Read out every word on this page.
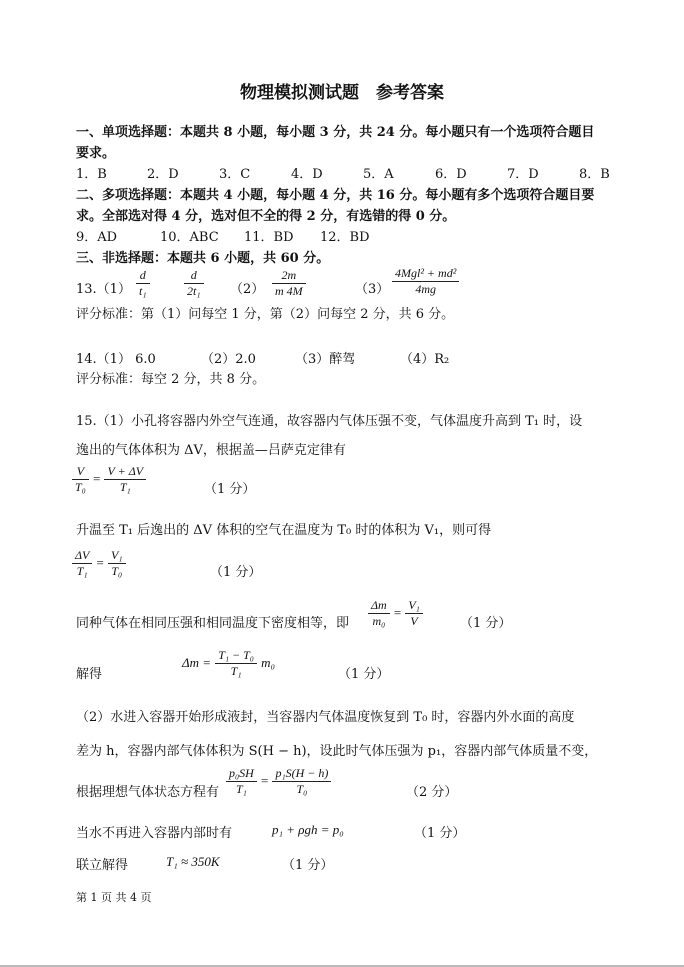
物理模拟测试题　参考答案
一、单项选择题：本题共 8 小题，每小题 3 分，共 24 分。每小题只有一个选项符合题目
要求。
1．B	2．D	3．C	4．D	5．A	6．D	7．D	8．B
二、多项选择题：本题共 4 小题，每小题 4 分，共 16 分。每小题有多个选项符合题目要
求。全部选对得 4 分，选对但不全的得 2 分，有选错的得 0 分。
9．AD	10．ABC 11．BD 12．BD
三、非选择题：本题共 6 小题，共 60 分。
$13.(1) \frac{d}{\text{t₁}}$	$\frac{d}{\text{2t₁}} (2) \frac{2m}{m 4M}$	（3）
4Mgl² + md²
4mg
评分标准：第（1）问每空 1 分，第（2）问每空 2 分，共 6 分。
14.（1） 6.0	（2）2.0	（3）醉驾	（4）R₂
评分标准：每空 2 分，共 8 分。
15.（1）小孔将容器内外空气连通，故容器内气体压强不变，气体温度升高到 T₁ 时，设
逸出的气体体积为 ΔV，根据盖—吕萨克定律有
$\frac{V}{\text{T₀}} = \frac{V + \Delta V}{\text{T₁}}$	（1 分）
升温至 T₁ 后逸出的 ΔV 体积的空气在温度为 T₀ 时的体积为 V₁，则可得
$\frac{\Delta V}{\text{T₁}} = \frac{\text{V₁}}{\text{T₀}}$	（1 分）
同种气体在相同压强和相同温度下密度相等，即 $\frac{\Delta m}{\text{m₀}} = \frac{\text{V₁}}{V}$	（1 分）
解得
$\Delta m = \frac{\text{T₁ − T₀}}{\text{T₁}} m_0$
（1 分）
（2）水进入容器开始形成液封，当容器内气体温度恢复到 T₀ 时，容器内外水面的高度
差为 h，容器内部气体体积为 S(H − h)，设此时气体压强为 p₁，容器内部气体质量不变，
根据理想气体状态方程有 $\frac{\text{p₀SH}}{\text{T₁}} = \frac{\text{p₁S(H − h)}}{\text{T₀}}$	（2 分）
当水不再进入容器内部时有	p₁ + ρgh = p₀	（1 分）
联立解得	T₁ ≈ 350K	（1 分）
第 1 页 共 4 页
